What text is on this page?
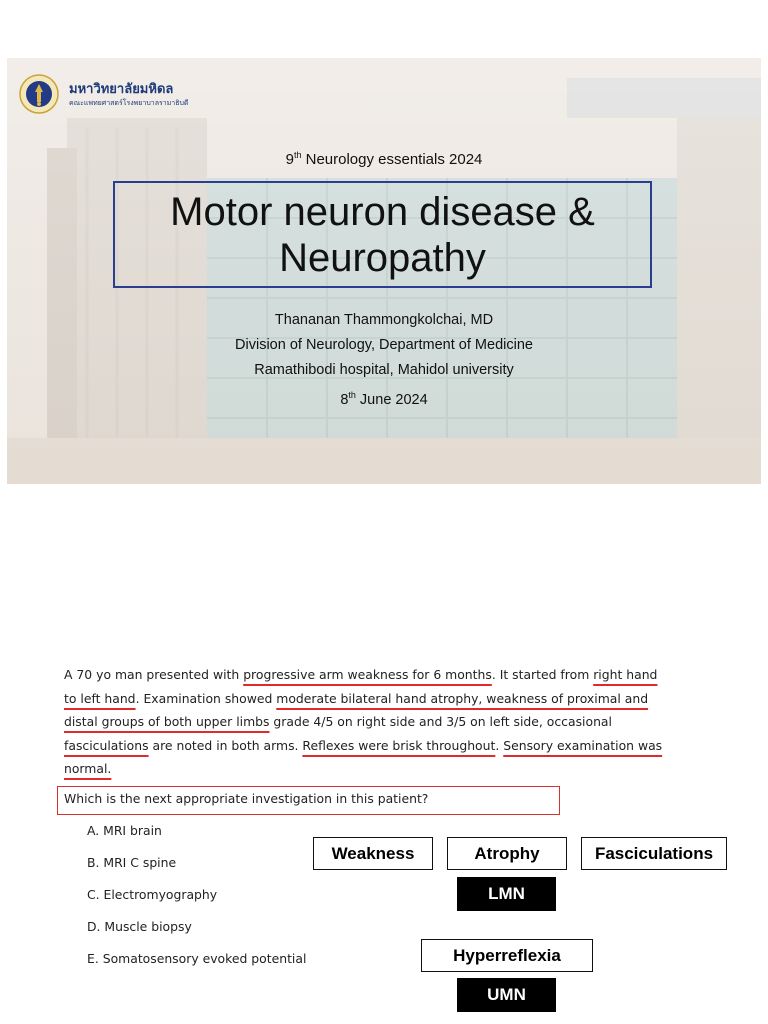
มหาวิทยาลัยมหิดล
คณะแพทยศาสตร์โรงพยาบาลรามาธิบดี
9th Neurology essentials 2024
Motor neuron disease &
Neuropathy
Thananan Thammongkolchai, MD
Division of Neurology, Department of Medicine
Ramathibodi hospital, Mahidol university
8th June 2024
A 70 yo man presented with progressive arm weakness for 6 months. It started from right hand
to left hand. Examination showed moderate bilateral hand atrophy, weakness of proximal and
distal groups of both upper limbs grade 4/5 on right side and 3/5 on left side, occasional
fasciculations are noted in both arms. Reflexes were brisk throughout. Sensory examination was
normal.
Which is the next appropriate investigation in this patient?
A. MRI brain
B. MRI C spine
C. Electromyography
D. Muscle biopsy
E. Somatosensory evoked potential
Weakness	Atrophy	Fasciculations
LMN
Hyperreflexia
UMN
